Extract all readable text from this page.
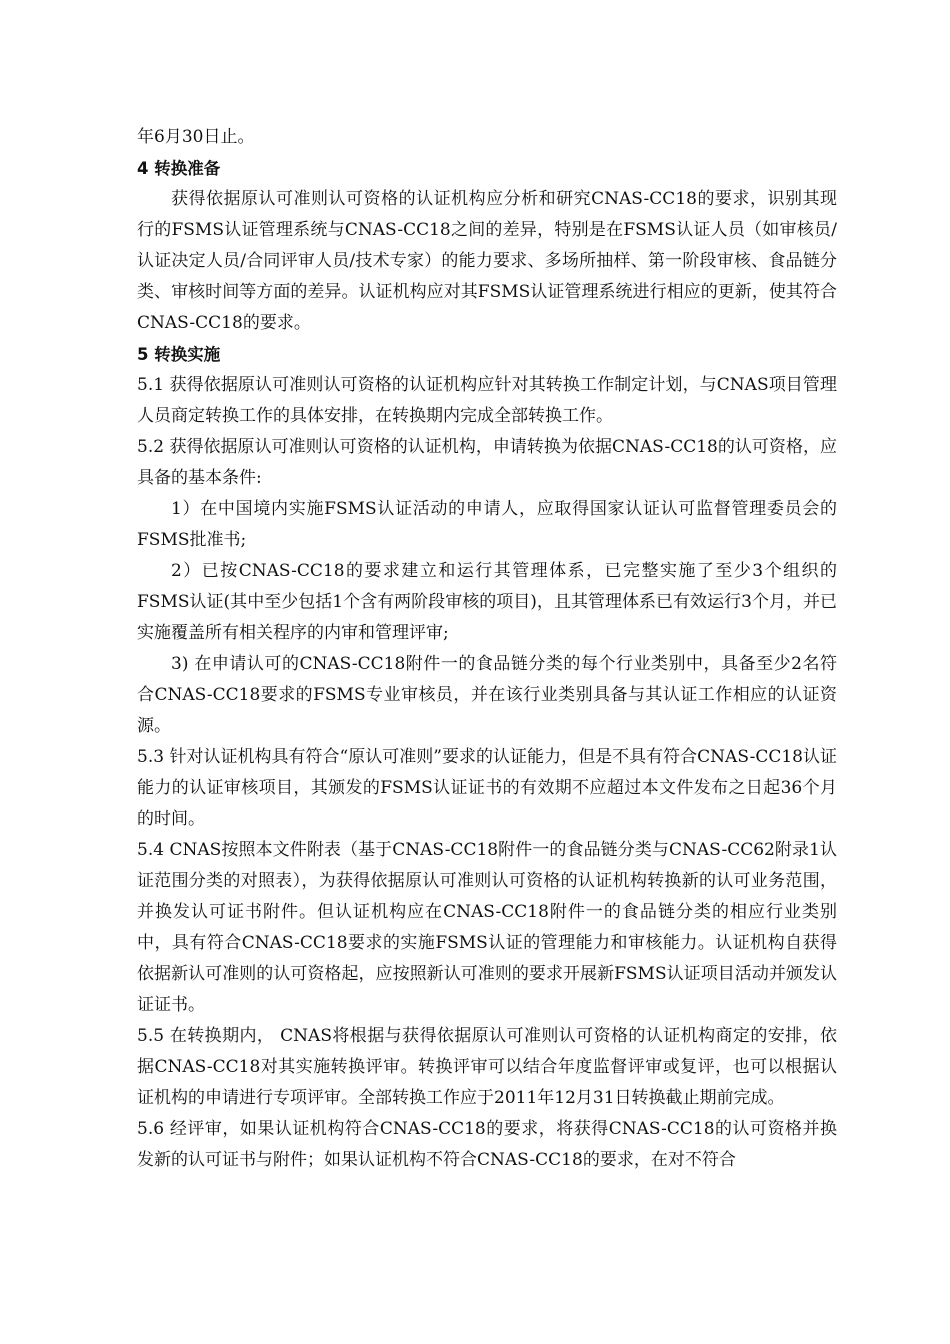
年6月30日止。

4 转换准备

获得依据原认可准则认可资格的认证机构应分析和研究CNAS-CC18的要求，识别其现行的FSMS认证管理系统与CNAS-CC18之间的差异，特别是在FSMS认证人员（如审核员/认证决定人员/合同评审人员/技术专家）的能力要求、多场所抽样、第一阶段审核、食品链分类、审核时间等方面的差异。认证机构应对其FSMS认证管理系统进行相应的更新，使其符合CNAS-CC18的要求。

5 转换实施

5.1 获得依据原认可准则认可资格的认证机构应针对其转换工作制定计划，与CNAS项目管理人员商定转换工作的具体安排，在转换期内完成全部转换工作。

5.2 获得依据原认可准则认可资格的认证机构，申请转换为依据CNAS-CC18的认可资格，应具备的基本条件:

1）在中国境内实施FSMS认证活动的申请人，应取得国家认证认可监督管理委员会的FSMS批准书;

2）已按CNAS-CC18的要求建立和运行其管理体系，已完整实施了至少3个组织的FSMS认证(其中至少包括1个含有两阶段审核的项目)，且其管理体系已有效运行3个月，并已实施覆盖所有相关程序的内审和管理评审;

3) 在申请认可的CNAS-CC18附件一的食品链分类的每个行业类别中，具备至少2名符合CNAS-CC18要求的FSMS专业审核员，并在该行业类别具备与其认证工作相应的认证资源。

5.3 针对认证机构具有符合“原认可准则”要求的认证能力，但是不具有符合CNAS-CC18认证能力的认证审核项目，其颁发的FSMS认证证书的有效期不应超过本文件发布之日起36个月的时间。

5.4 CNAS按照本文件附表（基于CNAS-CC18附件一的食品链分类与CNAS-CC62附录1认证范围分类的对照表），为获得依据原认可准则认可资格的认证机构转换新的认可业务范围，并换发认可证书附件。但认证机构应在CNAS-CC18附件一的食品链分类的相应行业类别中，具有符合CNAS-CC18要求的实施FSMS认证的管理能力和审核能力。认证机构自获得依据新认可准则的认可资格起，应按照新认可准则的要求开展新FSMS认证项目活动并颁发认证证书。

5.5 在转换期内， CNAS将根据与获得依据原认可准则认可资格的认证机构商定的安排，依据CNAS-CC18对其实施转换评审。转换评审可以结合年度监督评审或复评，也可以根据认证机构的申请进行专项评审。全部转换工作应于2011年12月31日转换截止期前完成。

5.6 经评审，如果认证机构符合CNAS-CC18的要求，将获得CNAS-CC18的认可资格并换发新的认可证书与附件；如果认证机构不符合CNAS-CC18的要求，在对不符合
